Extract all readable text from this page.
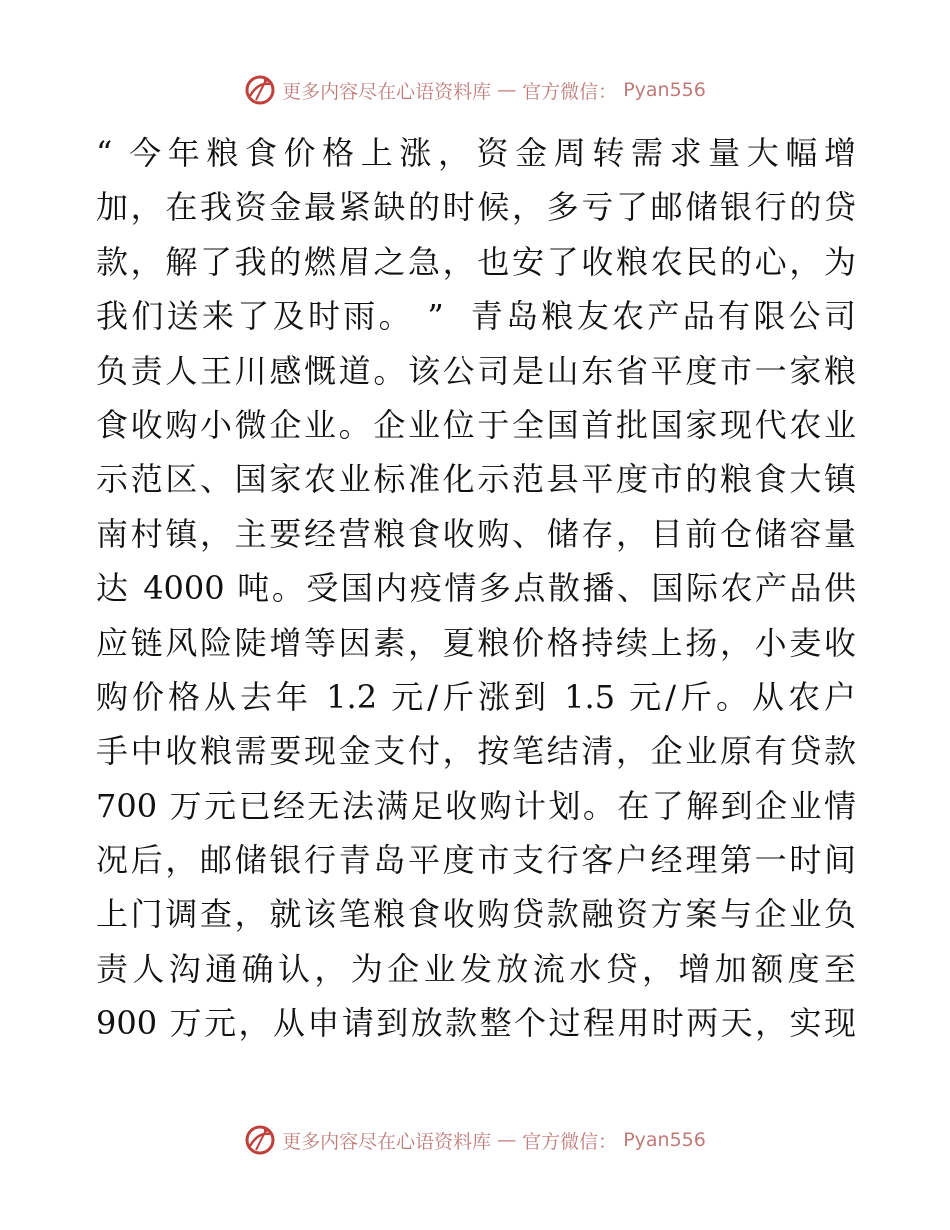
更多内容尽在心语资料库 — 官方微信： Pyan556
“ 今年粮食价格上涨，资金周转需求量大幅增
加，在我资金最紧缺的时候，多亏了邮储银行的贷
款，解了我的燃眉之急，也安了收粮农民的心，为
我们送来了及时雨。 ”  青岛粮友农产品有限公司
负责人王川感慨道。该公司是山东省平度市一家粮
食收购小微企业。企业位于全国首批国家现代农业
示范区、国家农业标准化示范县平度市的粮食大镇
南村镇，主要经营粮食收购、储存，目前仓储容量
达 4000 吨。受国内疫情多点散播、国际农产品供
应链风险陡增等因素，夏粮价格持续上扬，小麦收
购价格从去年 1.2 元/斤涨到 1.5 元/斤。从农户
手中收粮需要现金支付，按笔结清，企业原有贷款
700 万元已经无法满足收购计划。在了解到企业情
况后，邮储银行青岛平度市支行客户经理第一时间
上门调查，就该笔粮食收购贷款融资方案与企业负
责人沟通确认，为企业发放流水贷，增加额度至
900 万元，从申请到放款整个过程用时两天，实现
更多内容尽在心语资料库 — 官方微信： Pyan556
